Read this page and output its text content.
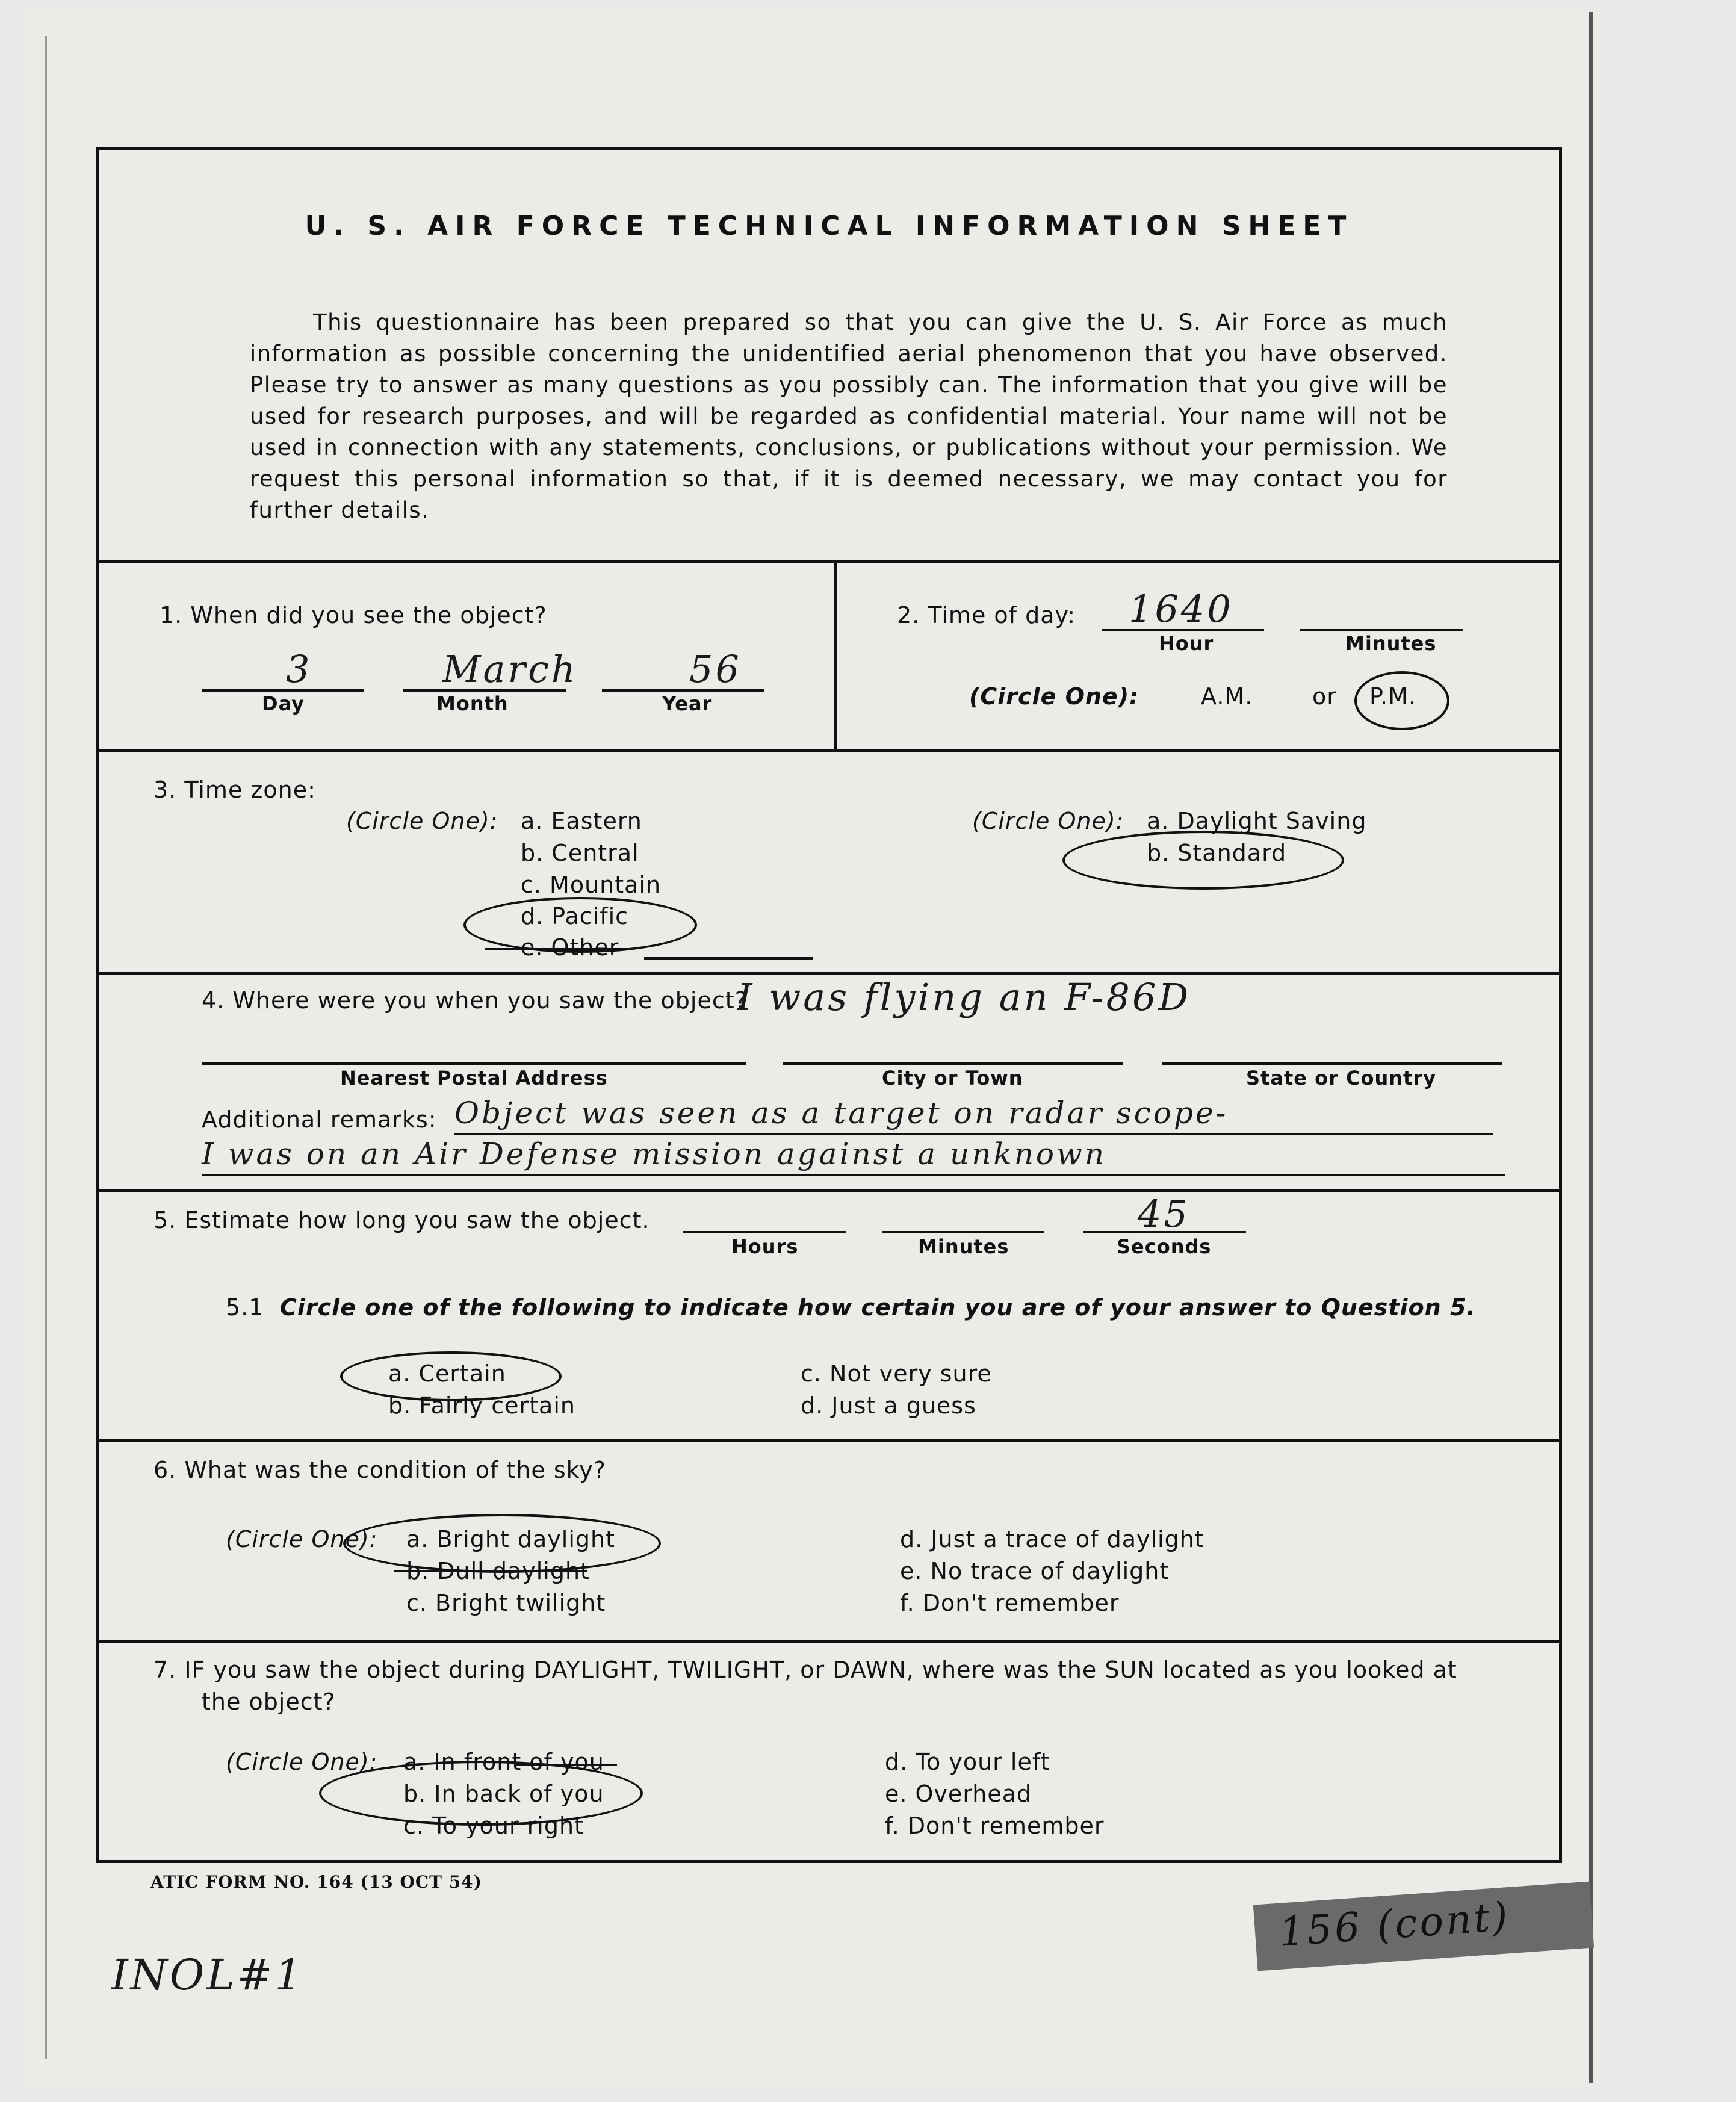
U. S. AIR FORCE TECHNICAL INFORMATION SHEET
This questionnaire has been prepared so that you can give the U. S. Air Force as much information as possible concerning the unidentified aerial phenomenon that you have observed. Please try to answer as many questions as you possibly can. The information that you give will be used for research purposes, and will be regarded as confidential material. Your name will not be used in connection with any statements, conclusions, or publications without your permission. We request this personal information so that, if it is deemed necessary, we may contact you for further details.
1. When did you see the object?
3
Day
March
Month
56
Year
2. Time of day: 1640
Hour	Minutes
(Circle One):	A.M.	or P.M.
3. Time zone:
(Circle One): a. Eastern
b. Central
c. Mountain
d. Pacific
e. Other
(Circle One): a. Daylight Saving
b. Standard
4. Where were you when you saw the object?
I was flying an F-86D
Nearest Postal Address	City or Town	State or Country
Additional remarks: Object was seen as a target on radar scope-
I was on an Air Defense mission against a unknown
5. Estimate how long you saw the object.
Hours	Minutes
45
Seconds
5.1 Circle one of the following to indicate how certain you are of your answer to Question 5.
a. Certain
b. Fairly certain
c. Not very sure
d. Just a guess
6. What was the condition of the sky?
(Circle One): a. Bright daylight
b. Dull daylight
c. Bright twilight
d. Just a trace of daylight
e. No trace of daylight
f. Don't remember
7. IF you saw the object during DAYLIGHT, TWILIGHT, or DAWN, where was the SUN located as you looked at
the object?
(Circle One): a. In front of you
b. In back of you
c. To your right
d. To your left
e. Overhead
f. Don't remember
ATIC FORM NO. 164 (13 OCT 54)
INOL#1
156 (cont)
